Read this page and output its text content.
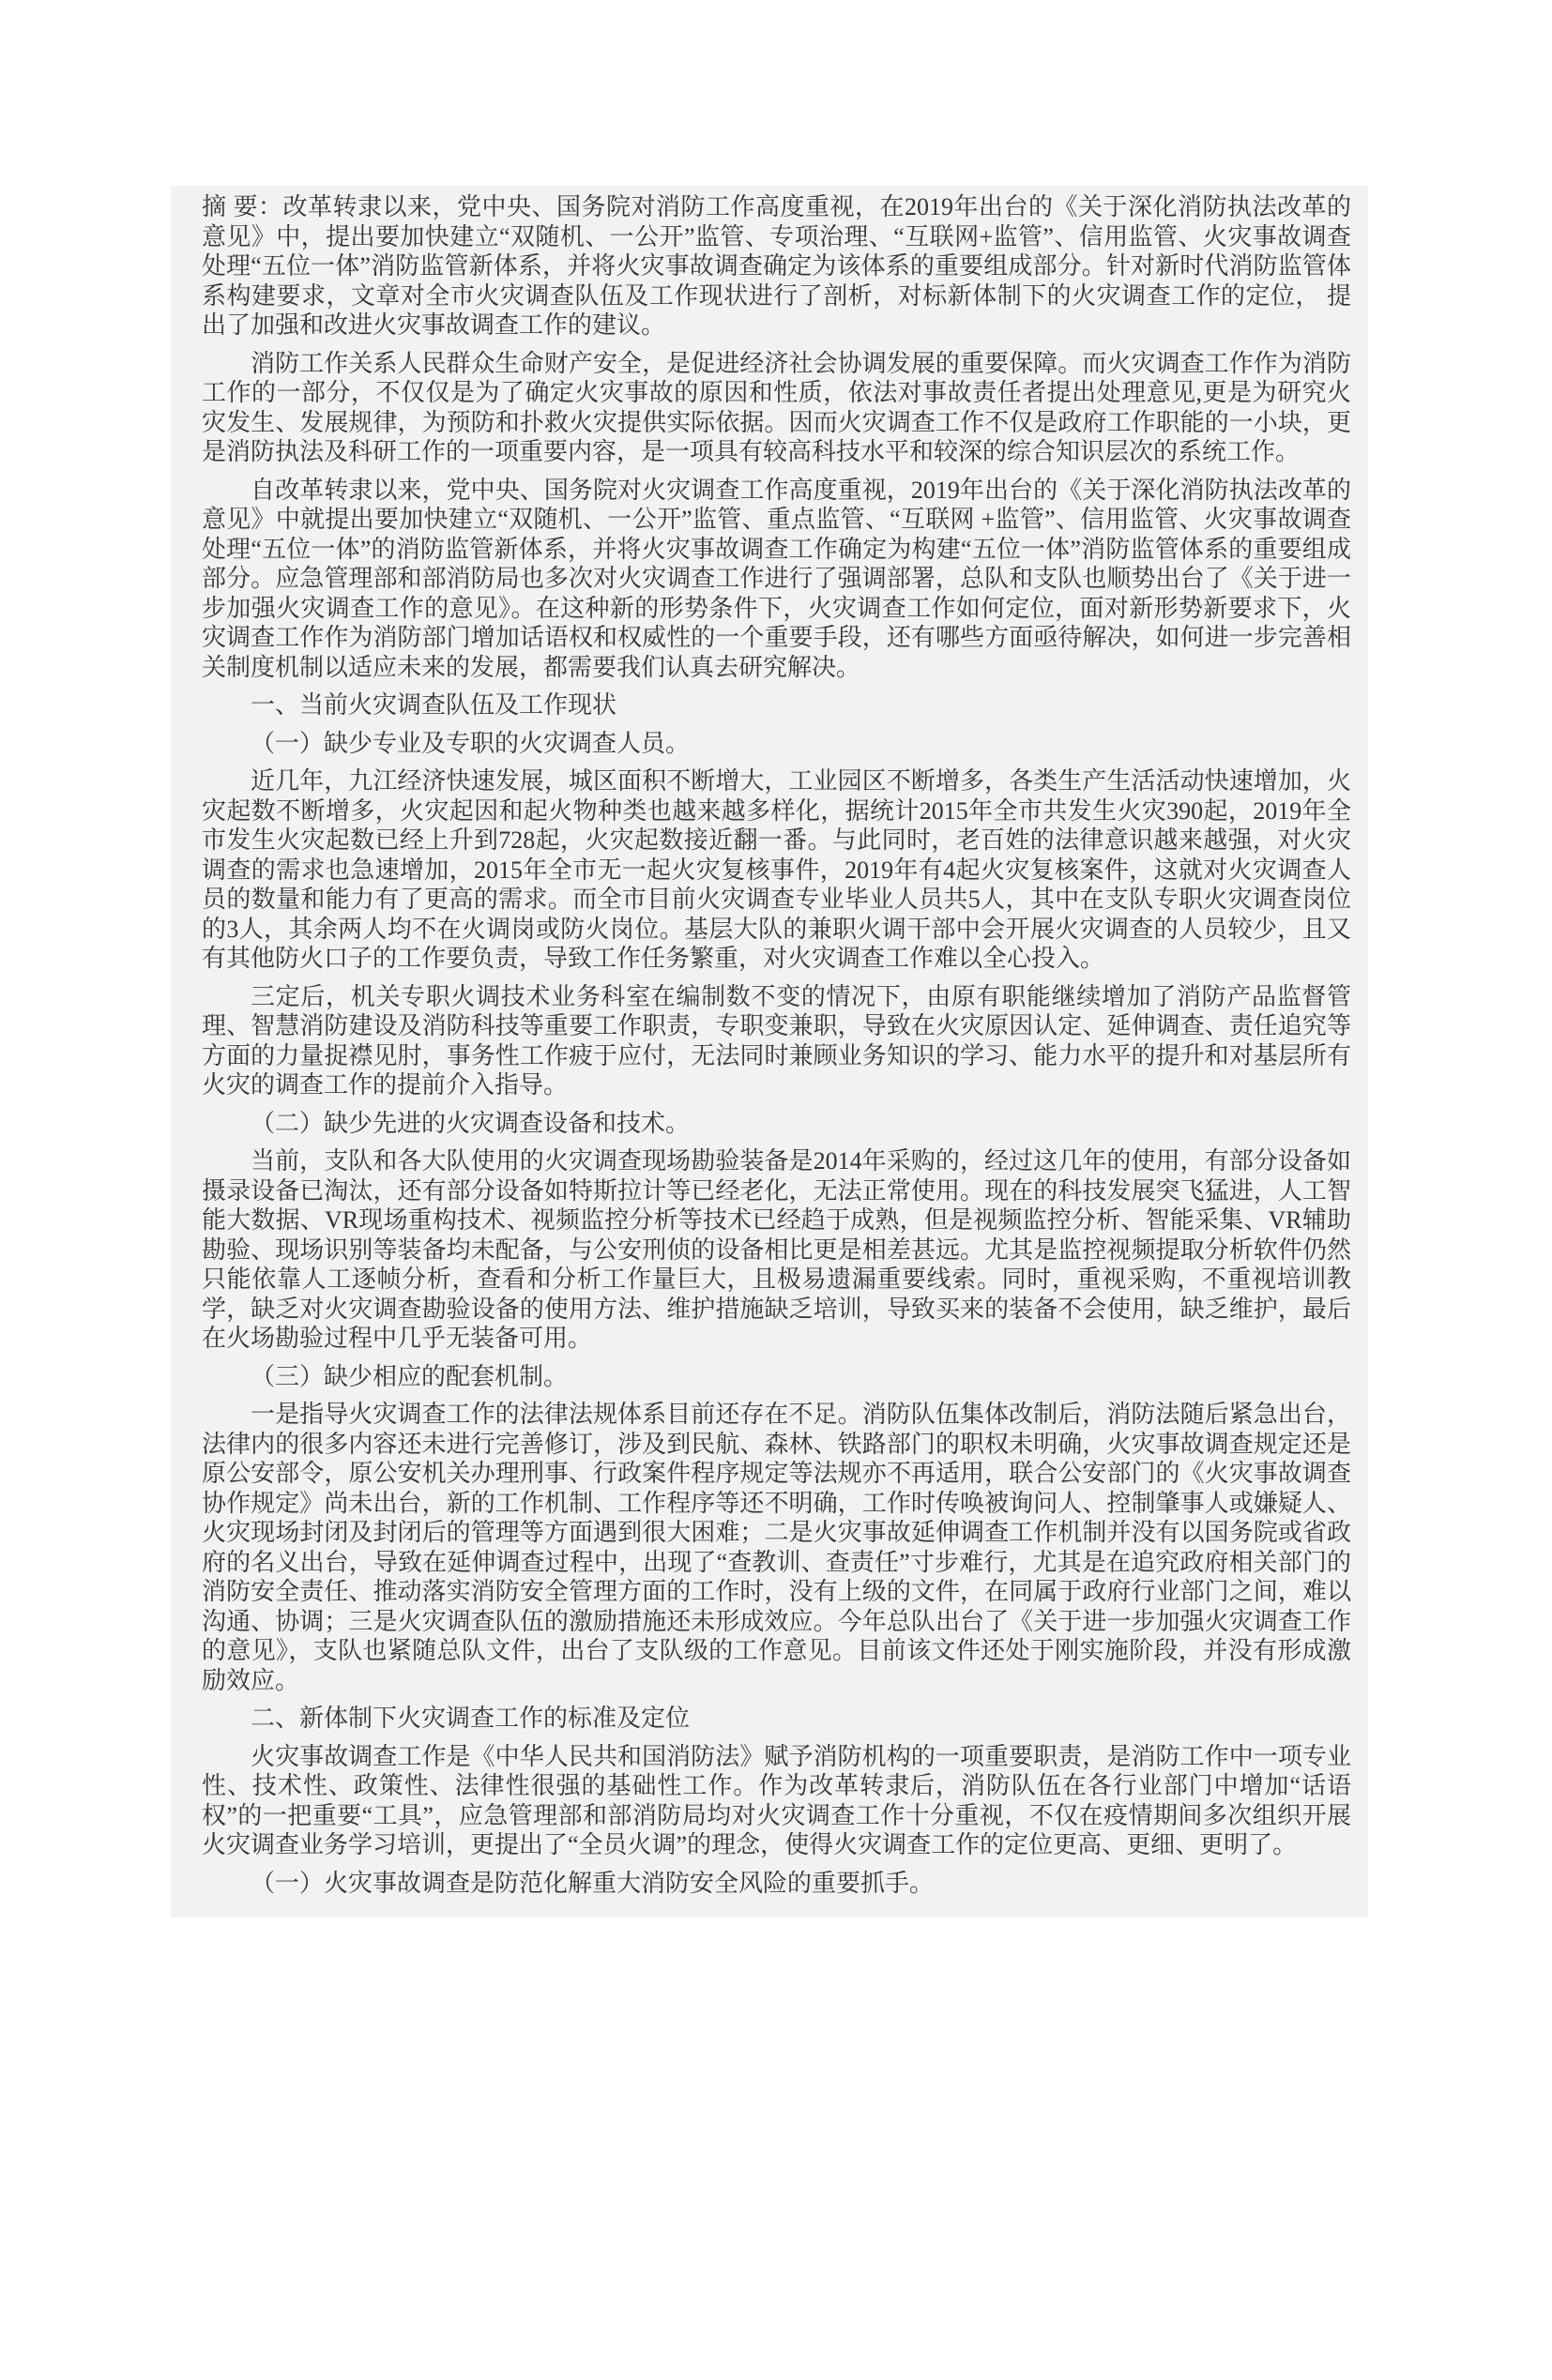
摘 要：改革转隶以来，党中央、国务院对消防工作高度重视，在2019年出台的《关于深化消防执法改革的意见》中，提出要加快建立“双随机、一公开”监管、专项治理、“互联网+监管”、信用监管、火灾事故调查处理“五位一体”消防监管新体系，并将火灾事故调查确定为该体系的重要组成部分。针对新时代消防监管体系构建要求，文章对全市火灾调查队伍及工作现状进行了剖析，对标新体制下的火灾调查工作的定位， 提出了加强和改进火灾事故调查工作的建议。

消防工作关系人民群众生命财产安全，是促进经济社会协调发展的重要保障。而火灾调查工作作为消防工作的一部分，不仅仅是为了确定火灾事故的原因和性质，依法对事故责任者提出处理意见,更是为研究火灾发生、发展规律，为预防和扑救火灾提供实际依据。因而火灾调查工作不仅是政府工作职能的一小块，更是消防执法及科研工作的一项重要内容，是一项具有较高科技水平和较深的综合知识层次的系统工作。

自改革转隶以来，党中央、国务院对火灾调查工作高度重视，2019年出台的《关于深化消防执法改革的意见》中就提出要加快建立“双随机、一公开”监管、重点监管、“互联网 +监管”、信用监管、火灾事故调查处理“五位一体”的消防监管新体系，并将火灾事故调查工作确定为构建“五位一体”消防监管体系的重要组成部分。应急管理部和部消防局也多次对火灾调查工作进行了强调部署，总队和支队也顺势出台了《关于进一步加强火灾调查工作的意见》。在这种新的形势条件下，火灾调查工作如何定位，面对新形势新要求下，火灾调查工作作为消防部门增加话语权和权威性的一个重要手段，还有哪些方面亟待解决，如何进一步完善相关制度机制以适应未来的发展，都需要我们认真去研究解决。

一、当前火灾调查队伍及工作现状

（一）缺少专业及专职的火灾调查人员。

近几年，九江经济快速发展，城区面积不断增大，工业园区不断增多，各类生产生活活动快速增加，火灾起数不断增多，火灾起因和起火物种类也越来越多样化，据统计2015年全市共发生火灾390起，2019年全市发生火灾起数已经上升到728起，火灾起数接近翻一番。与此同时，老百姓的法律意识越来越强，对火灾调查的需求也急速增加，2015年全市无一起火灾复核事件，2019年有4起火灾复核案件，这就对火灾调查人员的数量和能力有了更高的需求。而全市目前火灾调查专业毕业人员共5人，其中在支队专职火灾调查岗位的3人，其余两人均不在火调岗或防火岗位。基层大队的兼职火调干部中会开展火灾调查的人员较少，且又有其他防火口子的工作要负责，导致工作任务繁重，对火灾调查工作难以全心投入。

三定后，机关专职火调技术业务科室在编制数不变的情况下，由原有职能继续增加了消防产品监督管理、智慧消防建设及消防科技等重要工作职责，专职变兼职，导致在火灾原因认定、延伸调查、责任追究等方面的力量捉襟见肘，事务性工作疲于应付，无法同时兼顾业务知识的学习、能力水平的提升和对基层所有火灾的调查工作的提前介入指导。

（二）缺少先进的火灾调查设备和技术。

当前，支队和各大队使用的火灾调查现场勘验装备是2014年采购的，经过这几年的使用，有部分设备如摄录设备已淘汰，还有部分设备如特斯拉计等已经老化，无法正常使用。现在的科技发展突飞猛进，人工智能大数据、VR现场重构技术、视频监控分析等技术已经趋于成熟，但是视频监控分析、智能采集、VR辅助勘验、现场识别等装备均未配备，与公安刑侦的设备相比更是相差甚远。尤其是监控视频提取分析软件仍然只能依靠人工逐帧分析，查看和分析工作量巨大，且极易遗漏重要线索。同时，重视采购，不重视培训教学，缺乏对火灾调查勘验设备的使用方法、维护措施缺乏培训，导致买来的装备不会使用，缺乏维护，最后在火场勘验过程中几乎无装备可用。

（三）缺少相应的配套机制。

一是指导火灾调查工作的法律法规体系目前还存在不足。消防队伍集体改制后，消防法随后紧急出台，法律内的很多内容还未进行完善修订，涉及到民航、森林、铁路部门的职权未明确，火灾事故调查规定还是原公安部令，原公安机关办理刑事、行政案件程序规定等法规亦不再适用，联合公安部门的《火灾事故调查协作规定》尚未出台，新的工作机制、工作程序等还不明确，工作时传唤被询问人、控制肇事人或嫌疑人、火灾现场封闭及封闭后的管理等方面遇到很大困难；二是火灾事故延伸调查工作机制并没有以国务院或省政府的名义出台，导致在延伸调查过程中，出现了“查教训、查责任”寸步难行，尤其是在追究政府相关部门的消防安全责任、推动落实消防安全管理方面的工作时，没有上级的文件，在同属于政府行业部门之间，难以沟通、协调；三是火灾调查队伍的激励措施还未形成效应。今年总队出台了《关于进一步加强火灾调查工作的意见》，支队也紧随总队文件，出台了支队级的工作意见。目前该文件还处于刚实施阶段，并没有形成激励效应。

二、新体制下火灾调查工作的标准及定位

火灾事故调查工作是《中华人民共和国消防法》赋予消防机构的一项重要职责，是消防工作中一项专业性、技术性、政策性、法律性很强的基础性工作。作为改革转隶后，消防队伍在各行业部门中增加“话语权”的一把重要“工具”，应急管理部和部消防局均对火灾调查工作十分重视，不仅在疫情期间多次组织开展火灾调查业务学习培训，更提出了“全员火调”的理念，使得火灾调查工作的定位更高、更细、更明了。

（一）火灾事故调查是防范化解重大消防安全风险的重要抓手。
